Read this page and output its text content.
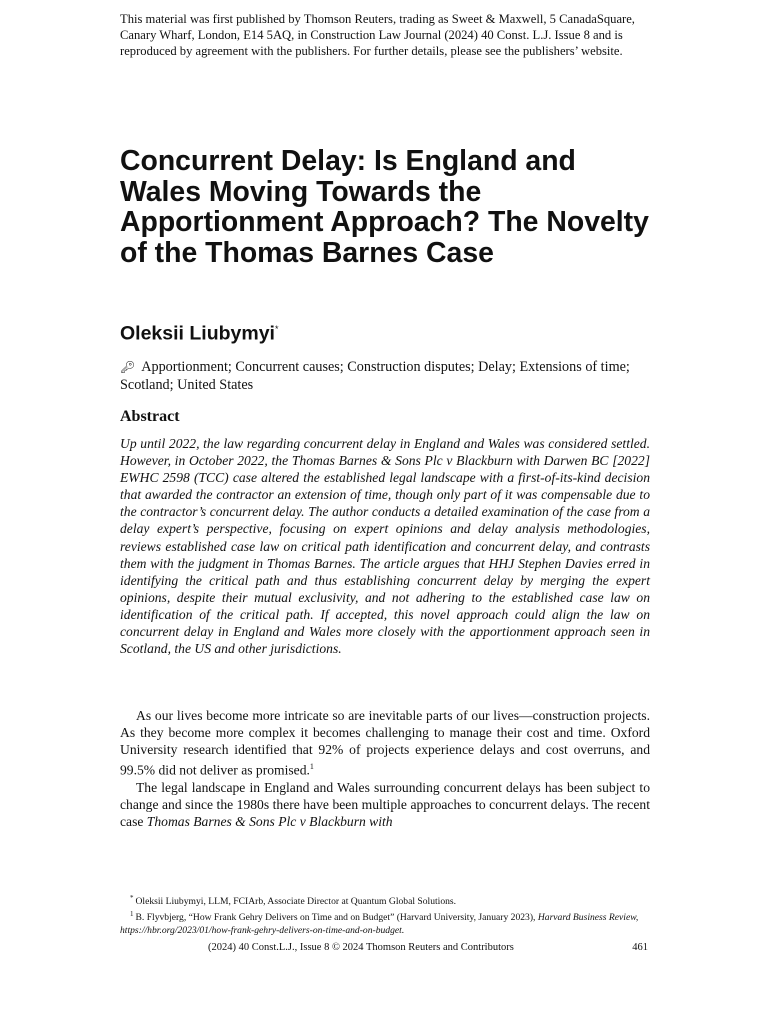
This material was first published by Thomson Reuters, trading as Sweet & Maxwell, 5 CanadaSquare, Canary Wharf, London, E14 5AQ, in Construction Law Journal (2024) 40 Const. L.J. Issue 8 and is reproduced by agreement with the publishers. For further details, please see the publishers’ website.
Concurrent Delay: Is England and Wales Moving Towards the Apportionment Approach? The Novelty of the Thomas Barnes Case
Oleksii Liubymyi*
🔑︎ Apportionment; Concurrent causes; Construction disputes; Delay; Extensions of time; Scotland; United States
Abstract
Up until 2022, the law regarding concurrent delay in England and Wales was considered settled. However, in October 2022, the Thomas Barnes & Sons Plc v Blackburn with Darwen BC [2022] EWHC 2598 (TCC) case altered the established legal landscape with a first-of-its-kind decision that awarded the contractor an extension of time, though only part of it was compensable due to the contractor’s concurrent delay. The author conducts a detailed examination of the case from a delay expert’s perspective, focusing on expert opinions and delay analysis methodologies, reviews established case law on critical path identification and concurrent delay, and contrasts them with the judgment in Thomas Barnes. The article argues that HHJ Stephen Davies erred in identifying the critical path and thus establishing concurrent delay by merging the expert opinions, despite their mutual exclusivity, and not adhering to the established case law on identification of the critical path. If accepted, this novel approach could align the law on concurrent delay in England and Wales more closely with the apportionment approach seen in Scotland, the US and other jurisdictions.

As our lives become more intricate so are inevitable parts of our lives—construction projects. As they become more complex it becomes challenging to manage their cost and time. Oxford University research identified that 92% of projects experience delays and cost overruns, and 99.5% did not deliver as promised.$^1$

The legal landscape in England and Wales surrounding concurrent delays has been subject to change and since the 1980s there have been multiple approaches to concurrent delays. The recent case Thomas Barnes & Sons Plc v Blackburn with

* Oleksii Liubymyi, LLM, FCIArb, Associate Director at Quantum Global Solutions.
$^1$ B. Flyvbjerg, “How Frank Gehry Delivers on Time and on Budget” (Harvard University, January 2023), Harvard Business Review, https://hbr.org/2023/01/how-frank-gehry-delivers-on-time-and-on-budget.
(2024) 40 Const.L.J., Issue 8 © 2024 Thomson Reuters and Contributors	461
